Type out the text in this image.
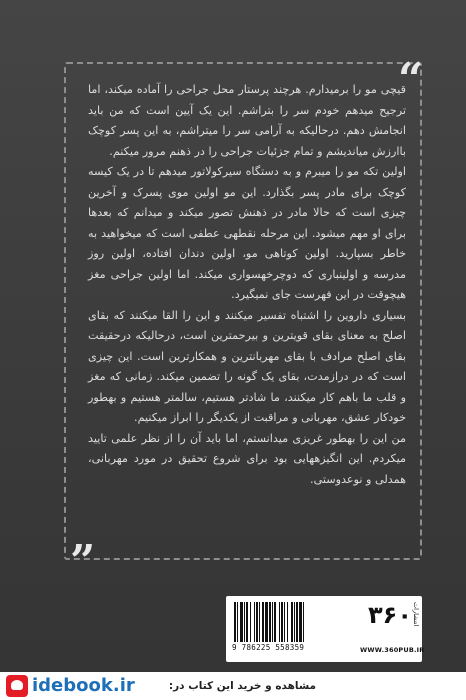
“

قیچی مو را برمیدارم. هرچند پرستار محل جراحی را آماده میکند، اما ترجیح میدهم خودم سر را بتراشم. این یک آیین است که من باید انجامش دهم. درحالیکه به آرامی سر را میتراشم، به این پسر کوچک باارزش میاندیشم و تمام جزئیات جراحی را در ذهنم مرور میکنم.

اولین تکه مو را میبرم و به دستگاه سیرکولاتور میدهم تا در یک کیسه کوچک برای مادر پسر بگذارد. این مو اولین موی پسرک و آخرین چیزی است که حالا مادر در ذهنش تصور میکند و میدانم که بعدها برای او مهم میشود. این مرحله نقطهی عطفی است که میخواهید به خاطر بسپارید. اولین کوتاهی مو، اولین دندان افتاده، اولین روز مدرسه و اولینباری که دوچرخهسواری میکند. اما اولین جراحی مغز هیچوقت در این فهرست جای نمیگیرد.

بسیاری داروین را اشتباه تفسیر میکنند و این را القا میکنند که بقای اصلح به معنای بقای قویترین و بیرحمترین است، درحالیکه درحقیقت بقای اصلح مرادف با بقای مهربانترین و همکارترین است. این چیزی است که در درازمدت، بقای یک گونه را تضمین میکند. زمانی که مغز و قلب ما باهم کار میکنند، ما شادتر هستیم، سالمتر هستیم و بهطور خودکار عشق، مهربانی و مراقبت از یکدیگر را ابراز میکنیم.

من این را بهطور غریزی میدانستم، اما باید آن را از نظر علمی تایید میکردم. این انگیزههایی بود برای شروع تحقیق در مورد مهربانی، همدلی و نوعدوستی.

”
9 786225 558359
۳۶۰ انتشارات
WWW.360PUB.IR
idebook.ir	مشاهده و خرید این کتاب در:
